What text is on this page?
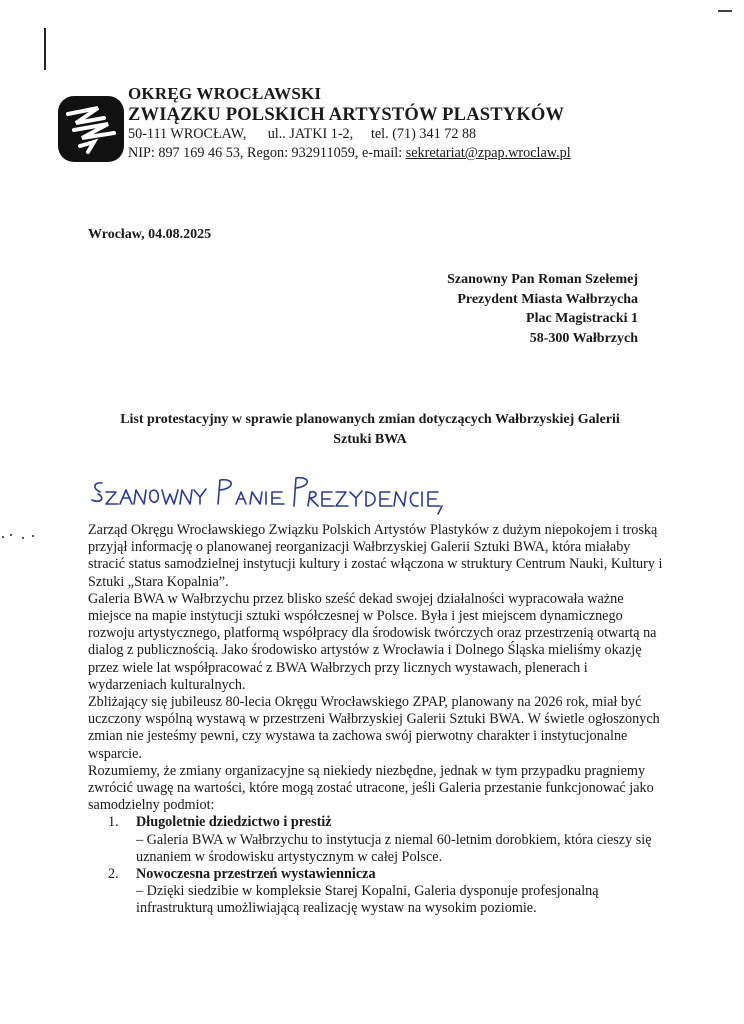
OKRĘG WROCŁAWSKI
ZWIĄZKU POLSKICH ARTYSTÓW PLASTYKÓW
50-111 WROCŁAW, ul.. JATKI 1-2, tel. (71) 341 72 88
NIP: 897 169 46 53, Regon: 932911059, e-mail: sekretariat@zpap.wroclaw.pl
Wrocław, 04.08.2025
Szanowny Pan Roman Szełemej
Prezydent Miasta Wałbrzycha
Plac Magistracki 1
58-300 Wałbrzych
List protestacyjny w sprawie planowanych zmian dotyczących Wałbrzyskiej Galerii
Sztuki BWA

Zarząd Okręgu Wrocławskiego Związku Polskich Artystów Plastyków z dużym niepokojem i troską przyjął informację o planowanej reorganizacji Wałbrzyskiej Galerii Sztuki BWA, która miałaby stracić status samodzielnej instytucji kultury i zostać włączona w struktury Centrum Nauki, Kultury i Sztuki „Stara Kopalnia”.

Galeria BWA w Wałbrzychu przez blisko sześć dekad swojej działalności wypracowała ważne miejsce na mapie instytucji sztuki współczesnej w Polsce. Była i jest miejscem dynamicznego rozwoju artystycznego, platformą współpracy dla środowisk twórczych oraz przestrzenią otwartą na dialog z publicznością. Jako środowisko artystów z Wrocławia i Dolnego Śląska mieliśmy okazję przez wiele lat współpracować z BWA Wałbrzych przy licznych wystawach, plenerach i wydarzeniach kulturalnych.

Zbliżający się jubileusz 80-lecia Okręgu Wrocławskiego ZPAP, planowany na 2026 rok, miał być uczczony wspólną wystawą w przestrzeni Wałbrzyskiej Galerii Sztuki BWA. W świetle ogłoszonych zmian nie jesteśmy pewni, czy wystawa ta zachowa swój pierwotny charakter i instytucjonalne wsparcie.

Rozumiemy, że zmiany organizacyjne są niekiedy niezbędne, jednak w tym przypadku pragniemy zwrócić uwagę na wartości, które mogą zostać utracone, jeśli Galeria przestanie funkcjonować jako samodzielny podmiot:

1. Długoletnie dziedzictwo i prestiż
– Galeria BWA w Wałbrzychu to instytucja z niemal 60-letnim dorobkiem, która cieszy się uznaniem w środowisku artystycznym w całej Polsce.
2. Nowoczesna przestrzeń wystawiennicza
– Dzięki siedzibie w kompleksie Starej Kopalni, Galeria dysponuje profesjonalną infrastrukturą umożliwiającą realizację wystaw na wysokim poziomie.
